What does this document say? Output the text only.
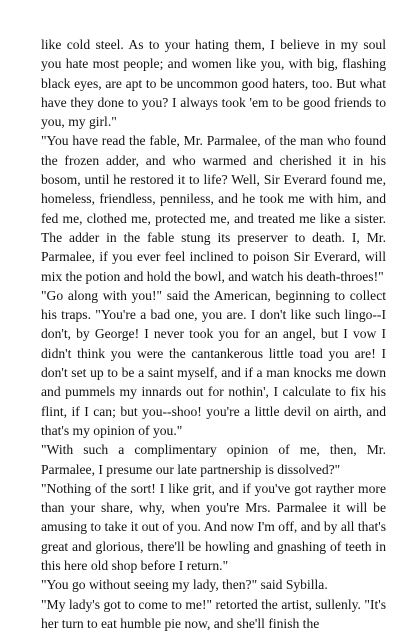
like cold steel. As to your hating them, I believe in my soul you hate most people; and women like you, with big, flashing black eyes, are apt to be uncommon good haters, too. But what have they done to you? I always took 'em to be good friends to you, my girl."

"You have read the fable, Mr. Parmalee, of the man who found the frozen adder, and who warmed and cherished it in his bosom, until he restored it to life? Well, Sir Everard found me, homeless, friendless, penniless, and he took me with him, and fed me, clothed me, protected me, and treated me like a sister. The adder in the fable stung its preserver to death. I, Mr. Parmalee, if you ever feel inclined to poison Sir Everard, will mix the potion and hold the bowl, and watch his death-throes!"

"Go along with you!" said the American, beginning to collect his traps. "You're a bad one, you are. I don't like such lingo--I don't, by George! I never took you for an angel, but I vow I didn't think you were the cantankerous little toad you are! I don't set up to be a saint myself, and if a man knocks me down and pummels my innards out for nothin', I calculate to fix his flint, if I can; but you--shoo! you're a little devil on airth, and that's my opinion of you."

"With such a complimentary opinion of me, then, Mr. Parmalee, I presume our late partnership is dissolved?"

"Nothing of the sort! I like grit, and if you've got rayther more than your share, why, when you're Mrs. Parmalee it will be amusing to take it out of you. And now I'm off, and by all that's great and glorious, there'll be howling and gnashing of teeth in this here old shop before I return."

"You go without seeing my lady, then?" said Sybilla.

"My lady's got to come to me!" retorted the artist, sullenly. "It's her turn to eat humble pie now, and she'll finish the
